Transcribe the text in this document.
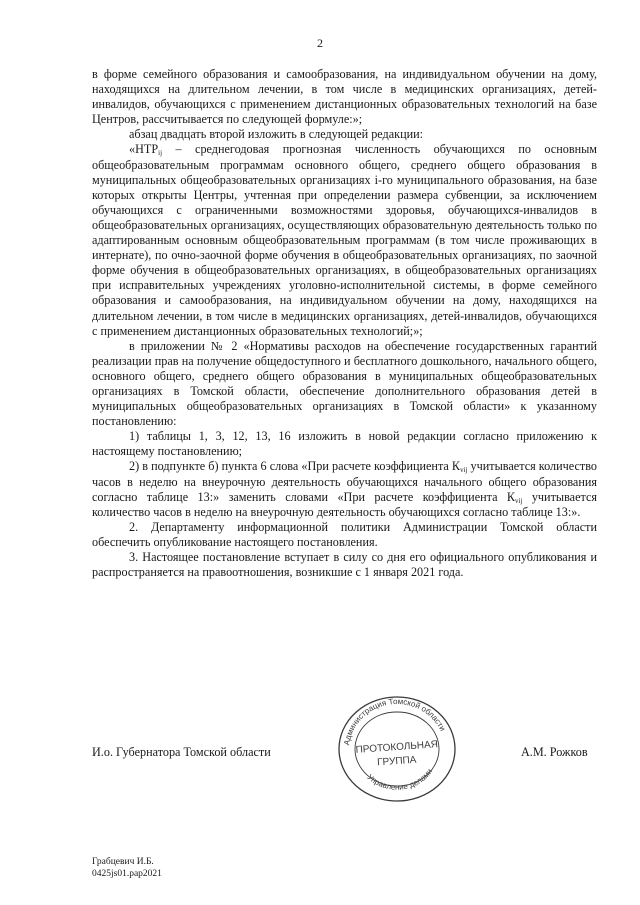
2

в форме семейного образования и самообразования, на индивидуальном обучении на дому, находящихся на длительном лечении, в том числе в медицинских организациях, детей-инвалидов, обучающихся с применением дистанционных образовательных технологий на базе Центров, рассчитывается по следующей формуле:»;

абзац двадцать второй изложить в следующей редакции:

«$НТР_{ij}$ – среднегодовая прогнозная численность обучающихся по основным общеобразовательным программам основного общего, среднего общего образования в муниципальных общеобразовательных организациях i-го муниципального образования, на базе которых открыты Центры, учтенная при определении размера субвенции, за исключением обучающихся с ограниченными возможностями здоровья, обучающихся-инвалидов в общеобразовательных организациях, осуществляющих образовательную деятельность только по адаптированным основным общеобразовательным программам (в том числе проживающих в интернате), по очно-заочной форме обучения в общеобразовательных организациях, по заочной форме обучения в общеобразовательных организациях, в общеобразовательных организациях при исправительных учреждениях уголовно-исполнительной системы, в форме семейного образования и самообразования, на индивидуальном обучении на дому, находящихся на длительном лечении, в том числе в медицинских организациях, детей-инвалидов, обучающихся с применением дистанционных образовательных технологий;»;

в приложении № 2 «Нормативы расходов на обеспечение государственных гарантий реализации прав на получение общедоступного и бесплатного дошкольного, начального общего, основного общего, среднего общего образования в муниципальных общеобразовательных организациях в Томской области, обеспечение дополнительного образования детей в муниципальных общеобразовательных организациях в Томской области» к указанному постановлению:

1) таблицы 1, 3, 12, 13, 16 изложить в новой редакции согласно приложению к настоящему постановлению;

2) в подпункте б) пункта 6 слова «При расчете коэффициента $К_{vij}$ учитывается количество часов в неделю на внеурочную деятельность обучающихся начального общего образования согласно таблице 13:» заменить словами «При расчете коэффициента $К_{vij}$ учитывается количество часов в неделю на внеурочную деятельность обучающихся согласно таблице 13:».

2. Департаменту информационной политики Администрации Томской области обеспечить опубликование настоящего постановления.

3. Настоящее постановление вступает в силу со дня его официального опубликования и распространяется на правоотношения, возникшие с 1 января 2021 года.

И.о. Губернатора Томской области	А.М. Рожков
Администрация Томской области
Управление делами
ПРОТОКОЛЬНАЯ
ГРУППА
Грабцевич И.Б.
0425js01.pap2021
